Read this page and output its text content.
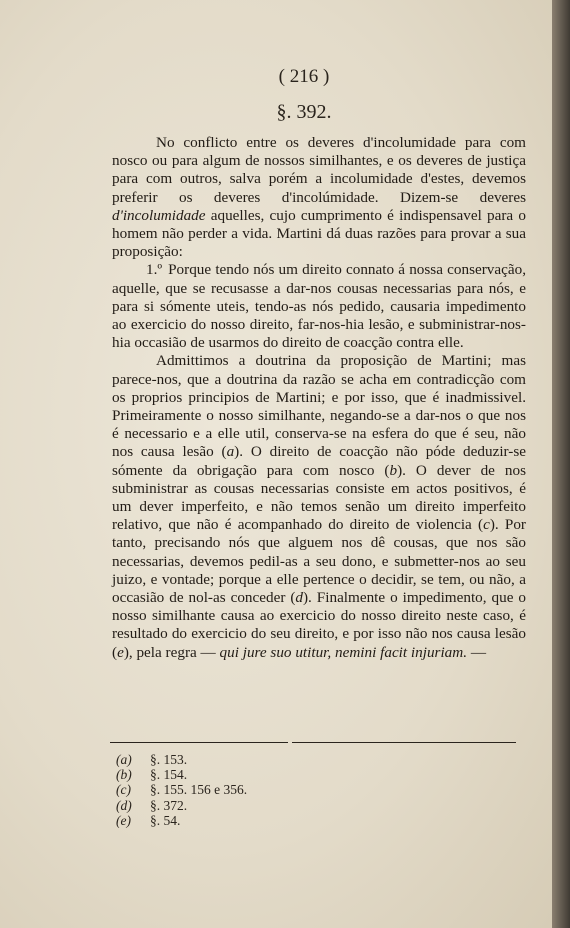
( 216 )
§. 392.

No conflicto entre os deveres d'incolumidade para com nosco ou para algum de nossos similhantes, e os deveres de justiça para com outros, salva porém a incolumidade d'estes, devemos preferir os deveres d'incolúmidade. Dizem-se deveres d'incolumidade aquelles, cujo cumprimento é indispensavel para o homem não perder a vida. Martini dá duas razões para provar a sua proposição:

1.º Porque tendo nós um direito connato á nossa conservação, aquelle, que se recusasse a dar-nos cousas necessarias para nós, e para si sómente uteis, tendo-as nós pedido, causaria impedimento ao exercicio do nosso direito, far-nos-hia lesão, e subministrar-nos-hia occasião de usarmos do direito de coacção contra elle.

Admittimos a doutrina da proposição de Martini; mas parece-nos, que a doutrina da razão se acha em contradicção com os proprios principios de Martini; e por isso, que é inadmissivel. Primeiramente o nosso similhante, negando-se a dar-nos o que nos é necessario e a elle util, conserva-se na esfera do que é seu, não nos causa lesão (a). O direito de coacção não póde deduzir-se sómente da obrigação para com nosco (b). O dever de nos subministrar as cousas necessarias consiste em actos positivos, é um dever imperfeito, e não temos senão um direito imperfeito relativo, que não é acompanhado do direito de violencia (c). Por tanto, precisando nós que alguem nos dê cousas, que nos são necessarias, devemos pedil-as a seu dono, e submetter-nos ao seu juizo, e vontade; porque a elle pertence o decidir, se tem, ou não, a occasião de nol-as conceder (d). Finalmente o impedimento, que o nosso similhante causa ao exercicio do nosso direito neste caso, é resultado do exercicio do seu direito, e por isso não nos causa lesão (e), pela regra — qui jure suo utitur, nemini facit injuriam. —

(a)	§. 153.
(b)	§. 154.
(c)	§. 155. 156 e 356.
(d)	§. 372.
(e)	§. 54.
